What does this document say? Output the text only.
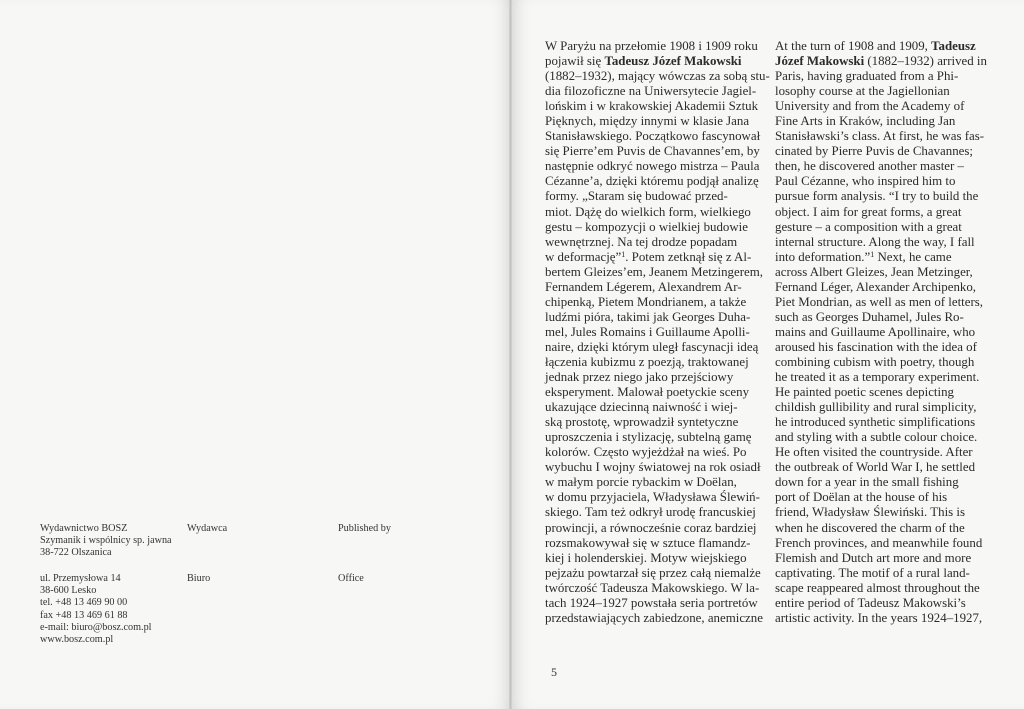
Wydawnictwo BOSZ
Szymanik i wspólnicy sp. jawna
38-722 Olszanica
Wydawca	Published by
ul. Przemysłowa 14
38-600 Lesko
tel. +48 13 469 90 00
fax +48 13 469 61 88
e-mail: biuro@bosz.com.pl
www.bosz.com.pl
Biuro	Office
W Paryżu na przełomie 1908 i 1909 roku
pojawił się Tadeusz Józef Makowski
(1882–1932), mający wówczas za sobą stu-
dia filozoficzne na Uniwersytecie Jagiel-
lońskim i w krakowskiej Akademii Sztuk
Pięknych, między innymi w klasie Jana
Stanisławskiego. Początkowo fascynował
się Pierre’em Puvis de Chavannes’em, by
następnie odkryć nowego mistrza – Paula
Cézanne’a, dzięki któremu podjął analizę
formy. „Staram się budować przed-
miot. Dążę do wielkich form, wielkiego
gestu – kompozycji o wielkiej budowie
wewnętrznej. Na tej drodze popadam
w deformację”$^1$. Potem zetknął się z Al-
bertem Gleizes’em, Jeanem Metzingerem,
Fernandem Légerem, Alexandrem Ar-
chipenką, Pietem Mondrianem, a także
ludźmi pióra, takimi jak Georges Duha-
mel, Jules Romains i Guillaume Apolli-
naire, dzięki którym uległ fascynacji ideą
łączenia kubizmu z poezją, traktowanej
jednak przez niego jako przejściowy
eksperyment. Malował poetyckie sceny
ukazujące dziecinną naiwność i wiej-
ską prostotę, wprowadził syntetyczne
uproszczenia i stylizację, subtelną gamę
kolorów. Często wyjeżdżał na wieś. Po
wybuchu I wojny światowej na rok osiadł
w małym porcie rybackim w Doëlan,
w domu przyjaciela, Władysława Ślewiń-
skiego. Tam też odkrył urodę francuskiej
prowincji, a równocześnie coraz bardziej
rozsmakowywał się w sztuce flamandz-
kiej i holenderskiej. Motyw wiejskiego
pejzażu powtarzał się przez całą niemalże
twórczość Tadeusza Makowskiego. W la-
tach 1924–1927 powstała seria portretów
przedstawiających zabiedzone, anemiczne
At the turn of 1908 and 1909, Tadeusz
Józef Makowski (1882–1932) arrived in
Paris, having graduated from a Phi-
losophy course at the Jagiellonian
University and from the Academy of
Fine Arts in Kraków, including Jan
Stanisławski’s class. At first, he was fas-
cinated by Pierre Puvis de Chavannes;
then, he discovered another master –
Paul Cézanne, who inspired him to
pursue form analysis. “I try to build the
object. I aim for great forms, a great
gesture – a composition with a great
internal structure. Along the way, I fall
into deformation.”$^1$ Next, he came
across Albert Gleizes, Jean Metzinger,
Fernand Léger, Alexander Archipenko,
Piet Mondrian, as well as men of letters,
such as Georges Duhamel, Jules Ro-
mains and Guillaume Apollinaire, who
aroused his fascination with the idea of
combining cubism with poetry, though
he treated it as a temporary experiment.
He painted poetic scenes depicting
childish gullibility and rural simplicity,
he introduced synthetic simplifications
and styling with a subtle colour choice.
He often visited the countryside. After
the outbreak of World War I, he settled
down for a year in the small fishing
port of Doëlan at the house of his
friend, Władysław Ślewiński. This is
when he discovered the charm of the
French provinces, and meanwhile found
Flemish and Dutch art more and more
captivating. The motif of a rural land-
scape reappeared almost throughout the
entire period of Tadeusz Makowski’s
artistic activity. In the years 1924–1927,
5
